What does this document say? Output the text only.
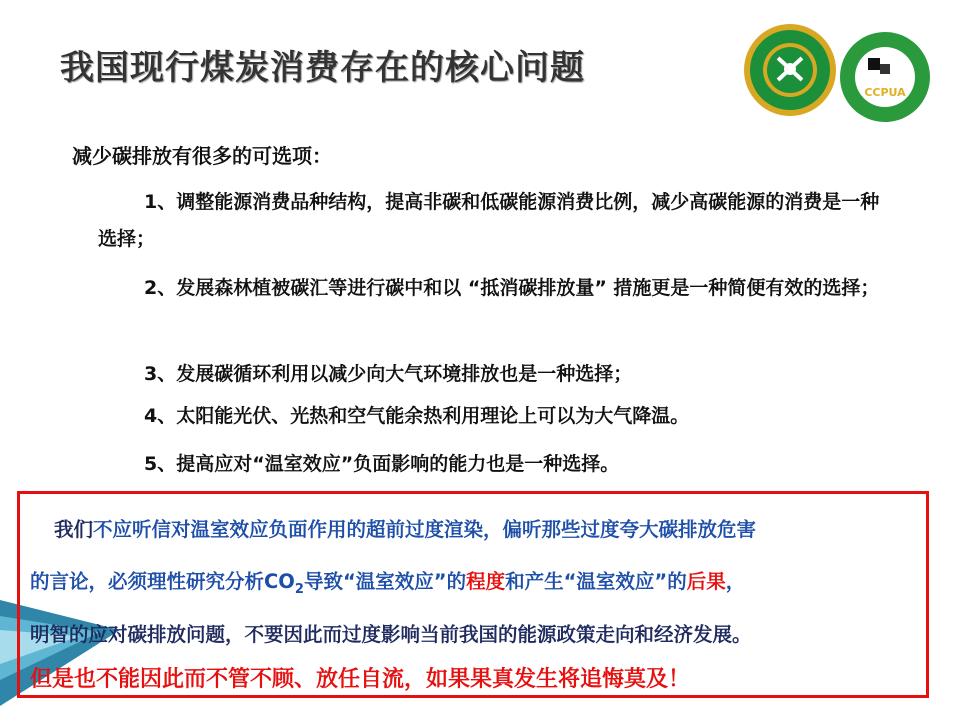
我国现行煤炭消费存在的核心问题
CCPUA
减少碳排放有很多的可选项：
1、调整能源消费品种结构，提高非碳和低碳能源消费比例，减少高碳能源的消费是一种选择；
2、发展森林植被碳汇等进行碳中和以 “抵消碳排放量” 措施更是一种简便有效的选择；
3、发展碳循环利用以减少向大气环境排放也是一种选择；
4、太阳能光伏、光热和空气能余热利用理论上可以为大气降温。
5、提高应对“温室效应”负面影响的能力也是一种选择。
我们不应听信对温室效应负面作用的超前过度渲染，偏听那些过度夸大碳排放危害
的言论，必须理性研究分析$CO_2$导致“温室效应”的程度和产生“温室效应”的后果，
明智的应对碳排放问题，不要因此而过度影响当前我国的能源政策走向和经济发展。
但是也不能因此而不管不顾、放任自流，如果果真发生将追悔莫及！
